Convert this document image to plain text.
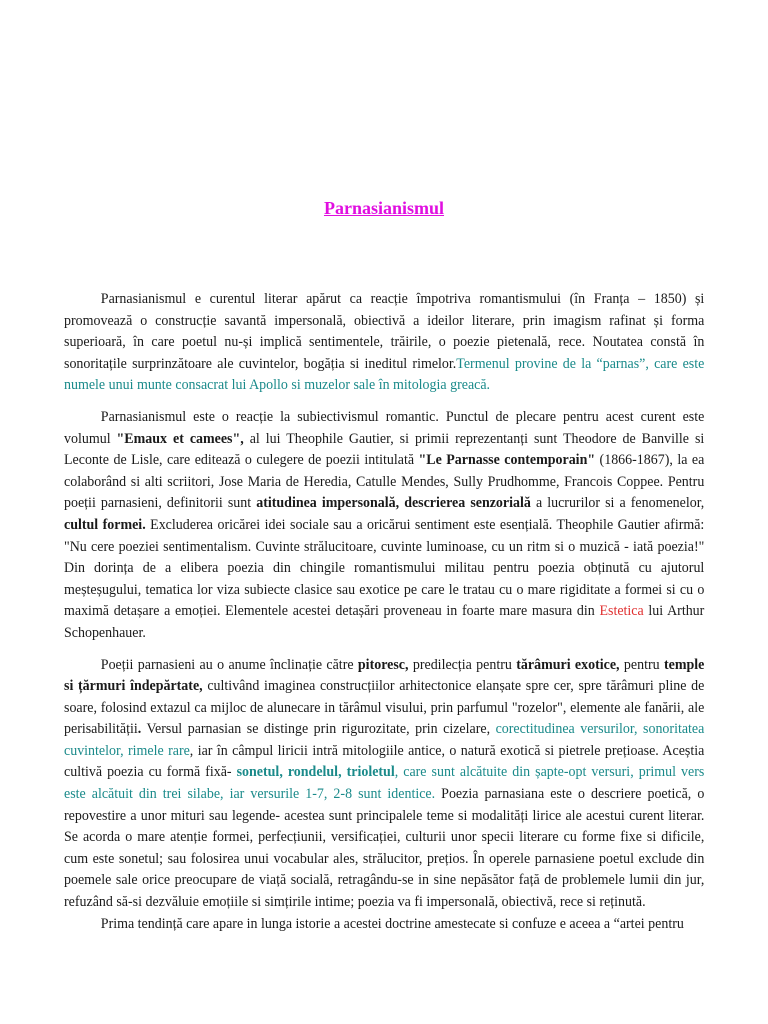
Parnasianismul

Parnasianismul e curentul literar apărut ca reacție împotriva romantismului (în Franța – 1850) și promovează o construcție savantă impersonală, obiectivă a ideilor literare, prin imagism rafinat și forma superioară, în care poetul nu-și implică sentimentele, trăirile, o poezie pietenală, rece. Noutatea constă în sonoritațile surprinzătoare ale cuvintelor, bogăția si ineditul rimelor.Termenul provine de la “parnas”, care este numele unui munte consacrat lui Apollo si muzelor sale în mitologia greacă.

Parnasianismul este o reacție la subiectivismul romantic. Punctul de plecare pentru acest curent este volumul "Emaux et camees", al lui Theophile Gautier, si primii reprezentanți sunt Theodore de Banville si Leconte de Lisle, care editează o culegere de poezii intitulată "Le Parnasse contemporain" (1866-1867), la ea colaborând si alti scriitori, Jose Maria de Heredia, Catulle Mendes, Sully Prudhomme, Francois Coppee. Pentru poeții parnasieni, definitorii sunt atitudinea impersonală, descrierea senzorială a lucrurilor si a fenomenelor, cultul formei. Excluderea oricărei idei sociale sau a oricărui sentiment este esențială. Theophile Gautier afirmă: "Nu cere poeziei sentimentalism. Cuvinte strălucitoare, cuvinte luminoase, cu un ritm si o muzică - iată poezia!" Din dorința de a elibera poezia din chingile romantismului militau pentru poezia obținută cu ajutorul meșteșugului, tematica lor viza subiecte clasice sau exotice pe care le tratau cu o mare rigiditate a formei si cu o maximă detașare a emoției. Elementele acestei detașări proveneau in foarte mare masura din Estetica lui Arthur Schopenhauer.

Poeții parnasieni au o anume înclinație către pitoresc, predilecția pentru tărâmuri exotice, pentru temple si țărmuri îndepărtate, cultivând imaginea construcțiilor arhitectonice elanșate spre cer, spre tărâmuri pline de soare, folosind extazul ca mijloc de alunecare in tărâmul visului, prin parfumul "rozelor", elemente ale fanării, ale perisabilității. Versul parnasian se distinge prin rigurozitate, prin cizelare, corectitudinea versurilor, sonoritatea cuvintelor, rimele rare, iar în câmpul liricii intră mitologiile antice, o natură exotică si pietrele prețioase. Aceștia cultivă poezia cu formă fixă- sonetul, rondelul, trioletul, care sunt alcătuite din șapte-opt versuri, primul vers este alcătuit din trei silabe, iar versurile 1-7, 2-8 sunt identice. Poezia parnasiana este o descriere poetică, o repovestire a unor mituri sau legende- acestea sunt principalele teme si modalități lirice ale acestui curent literar. Se acorda o mare atenție formei, perfecțiunii, versificației, culturii unor specii literare cu forme fixe si dificile, cum este sonetul; sau folosirea unui vocabular ales, strălucitor, prețios. În operele parnasiene poetul exclude din poemele sale orice preocupare de viață socială, retragându-se in sine nepăsător față de problemele lumii din jur, refuzând să-si dezvăluie emoțiile si simțirile intime; poezia va fi impersonală, obiectivă, rece si reținută.

Prima tendință care apare in lunga istorie a acestei doctrine amestecate si confuze e aceea a “artei pentru
